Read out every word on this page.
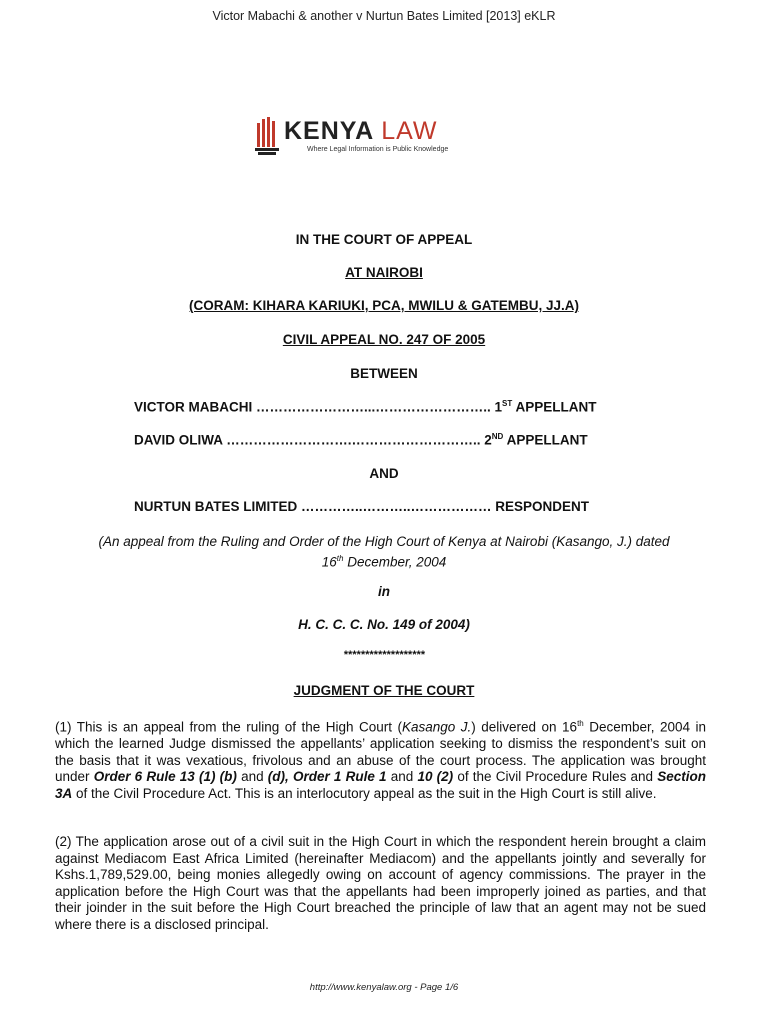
Victor Mabachi & another v Nurtun Bates Limited [2013] eKLR
KENYA LAW
Where Legal Information is Public Knowledge
IN THE COURT OF APPEAL
AT NAIROBI
(CORAM: KIHARA KARIUKI, PCA, MWILU & GATEMBU, JJ.A)
CIVIL APPEAL NO. 247 OF 2005
BETWEEN
VICTOR MABACHI ……………………...…………………….. 1ST APPELLANT
DAVID OLIWA ……………………….……………………….. 2ND APPELLANT
AND
NURTUN BATES LIMITED …………..………..……………… RESPONDENT
(An appeal from the Ruling and Order of the High Court of Kenya at Nairobi (Kasango, J.) dated
16th December, 2004
in
H. C. C. C. No. 149 of 2004)
*******************
JUDGMENT OF THE COURT
(1) This is an appeal from the ruling of the High Court (Kasango J.) delivered on 16th December, 2004 in which the learned Judge dismissed the appellants’ application seeking to dismiss the respondent’s suit on the basis that it was vexatious, frivolous and an abuse of the court process. The application was brought under Order 6 Rule 13 (1) (b) and (d), Order 1 Rule 1 and 10 (2) of the Civil Procedure Rules and Section 3A of the Civil Procedure Act. This is an interlocutory appeal as the suit in the High Court is still alive.
(2) The application arose out of a civil suit in the High Court in which the respondent herein brought a claim against Mediacom East Africa Limited (hereinafter Mediacom) and the appellants jointly and severally for Kshs.1,789,529.00, being monies allegedly owing on account of agency commissions. The prayer in the application before the High Court was that the appellants had been improperly joined as parties, and that their joinder in the suit before the High Court breached the principle of law that an agent may not be sued where there is a disclosed principal.
http://www.kenyalaw.org - Page 1/6
